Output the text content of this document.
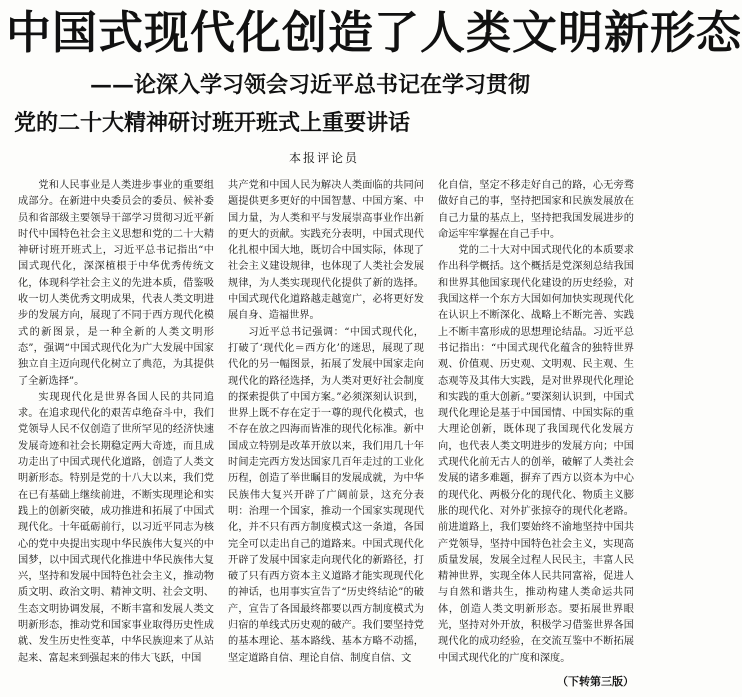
中国式现代化创造了人类文明新形态
——论深入学习领会习近平总书记在学习贯彻
党的二十大精神研讨班开班式上重要讲话
本报评论员

党和人民事业是人类进步事业的重要组成部分。在新进中央委员会的委员、候补委员和省部级主要领导干部学习贯彻习近平新时代中国特色社会主义思想和党的二十大精神研讨班开班式上，习近平总书记指出“中国式现代化，深深植根于中华优秀传统文化，体现科学社会主义的先进本质，借鉴吸收一切人类优秀文明成果，代表人类文明进步的发展方向，展现了不同于西方现代化模式的新图景，是一种全新的人类文明形态”，强调“中国式现代化为广大发展中国家独立自主迈向现代化树立了典范，为其提供了全新选择”。

实现现代化是世界各国人民的共同追求。在追求现代化的艰苦卓绝奋斗中，我们党领导人民不仅创造了世所罕见的经济快速发展奇迹和社会长期稳定两大奇迹，而且成功走出了中国式现代化道路，创造了人类文明新形态。特别是党的十八大以来，我们党在已有基础上继续前进，不断实现理论和实践上的创新突破，成功推进和拓展了中国式现代化。十年砥砺前行，以习近平同志为核心的党中央提出实现中华民族伟大复兴的中国梦，以中国式现代化推进中华民族伟大复兴，坚持和发展中国特色社会主义，推动物质文明、政治文明、精神文明、社会文明、生态文明协调发展，不断丰富和发展人类文明新形态，推动党和国家事业取得历史性成就、发生历史性变革，中华民族迎来了从站起来、富起来到强起来的伟大飞跃，中国

共产党和中国人民为解决人类面临的共同问题提供更多更好的中国智慧、中国方案、中国力量，为人类和平与发展崇高事业作出新的更大的贡献。实践充分表明，中国式现代化扎根中国大地，既切合中国实际，体现了社会主义建设规律，也体现了人类社会发展规律，为人类实现现代化提供了新的选择。中国式现代化道路越走越宽广，必将更好发展自身、造福世界。

习近平总书记强调：“中国式现代化，打破了‘现代化＝西方化’的迷思，展现了现代化的另一幅图景，拓展了发展中国家走向现代化的路径选择，为人类对更好社会制度的探索提供了中国方案。”必须深刻认识到，世界上既不存在定于一尊的现代化模式，也不存在放之四海而皆准的现代化标准。新中国成立特别是改革开放以来，我们用几十年时间走完西方发达国家几百年走过的工业化历程，创造了举世瞩目的发展成就，为中华民族伟大复兴开辟了广阔前景，这充分表明：治理一个国家，推动一个国家实现现代化，并不只有西方制度模式这一条道，各国完全可以走出自己的道路来。中国式现代化开辟了发展中国家走向现代化的新路径，打破了只有西方资本主义道路才能实现现代化的神话，也用事实宣告了“历史终结论”的破产，宣告了各国最终都要以西方制度模式为归宿的单线式历史观的破产。我们要坚持党的基本理论、基本路线、基本方略不动摇，坚定道路自信、理论自信、制度自信、文

化自信，坚定不移走好自己的路，心无旁骛做好自己的事，坚持把国家和民族发展放在自己力量的基点上，坚持把我国发展进步的命运牢牢掌握在自己手中。

党的二十大对中国式现代化的本质要求作出科学概括。这个概括是党深刻总结我国和世界其他国家现代化建设的历史经验，对我国这样一个东方大国如何加快实现现代化在认识上不断深化、战略上不断完善、实践上不断丰富形成的思想理论结晶。习近平总书记指出：“中国式现代化蕴含的独特世界观、价值观、历史观、文明观、民主观、生态观等及其伟大实践，是对世界现代化理论和实践的重大创新。”要深刻认识到，中国式现代化理论是基于中国国情、中国实际的重大理论创新，既体现了我国现代化发展方向，也代表人类文明进步的发展方向；中国式现代化前无古人的创举，破解了人类社会发展的诸多难题，摒弃了西方以资本为中心的现代化、两极分化的现代化、物质主义膨胀的现代化、对外扩张掠夺的现代化老路。前进道路上，我们要始终不渝地坚持中国共产党领导，坚持中国特色社会主义，实现高质量发展，发展全过程人民民主，丰富人民精神世界，实现全体人民共同富裕，促进人与自然和谐共生，推动构建人类命运共同体，创造人类文明新形态。要拓展世界眼光，坚持对外开放，积极学习借鉴世界各国现代化的成功经验，在交流互鉴中不断拓展中国式现代化的广度和深度。

（下转第三版）
